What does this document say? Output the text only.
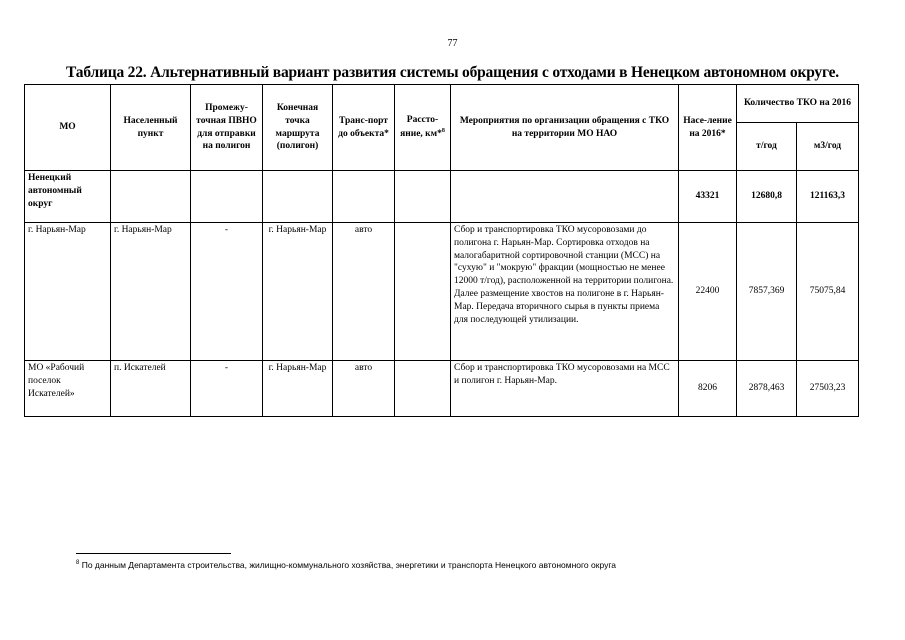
77
Таблица 22. Альтернативный вариант развития системы обращения с отходами в Ненецком автономном округе.
МО	Населенный пункт	Промежу-точная ПВНО для отправки на полигон	Конечная точка маршрута (полигон)	Транс-порт до объекта*	Рассто-яние, км*$^8$	Мероприятия по организации обращения с ТКО на территории МО НАО	Насе-ление на 2016*	Количество ТКО на 2016	
								т/год	м3/год
Ненецкий автономный округ							43321	12680,8	121163,3
г. Нарьян-Мар	г. Нарьян-Мар	-	г. Нарьян-Мар	авто		Сбор и транспортировка ТКО мусоровозами до полигона г. Нарьян-Мар. Сортировка отходов на малогабаритной сортировочной станции (МСС) на "сухую" и "мокрую" фракции (мощностью не менее 12000 т/год), расположенной на территории полигона. Далее размещение хвостов на полигоне в г. Нарьян-Мар. Передача вторичного сырья в пункты приема для последующей утилизации.	22400	7857,369	75075,84
МО «Рабочий поселок Искателей»	п. Искателей	-	г. Нарьян-Мар	авто		Сбор и транспортировка ТКО мусоровозами на МСС и полигон г. Нарьян-Мар.	8206	2878,463	27503,23
$^8$ По данным Департамента строительства, жилищно-коммунального хозяйства, энергетики и транспорта Ненецкого автономного округа
